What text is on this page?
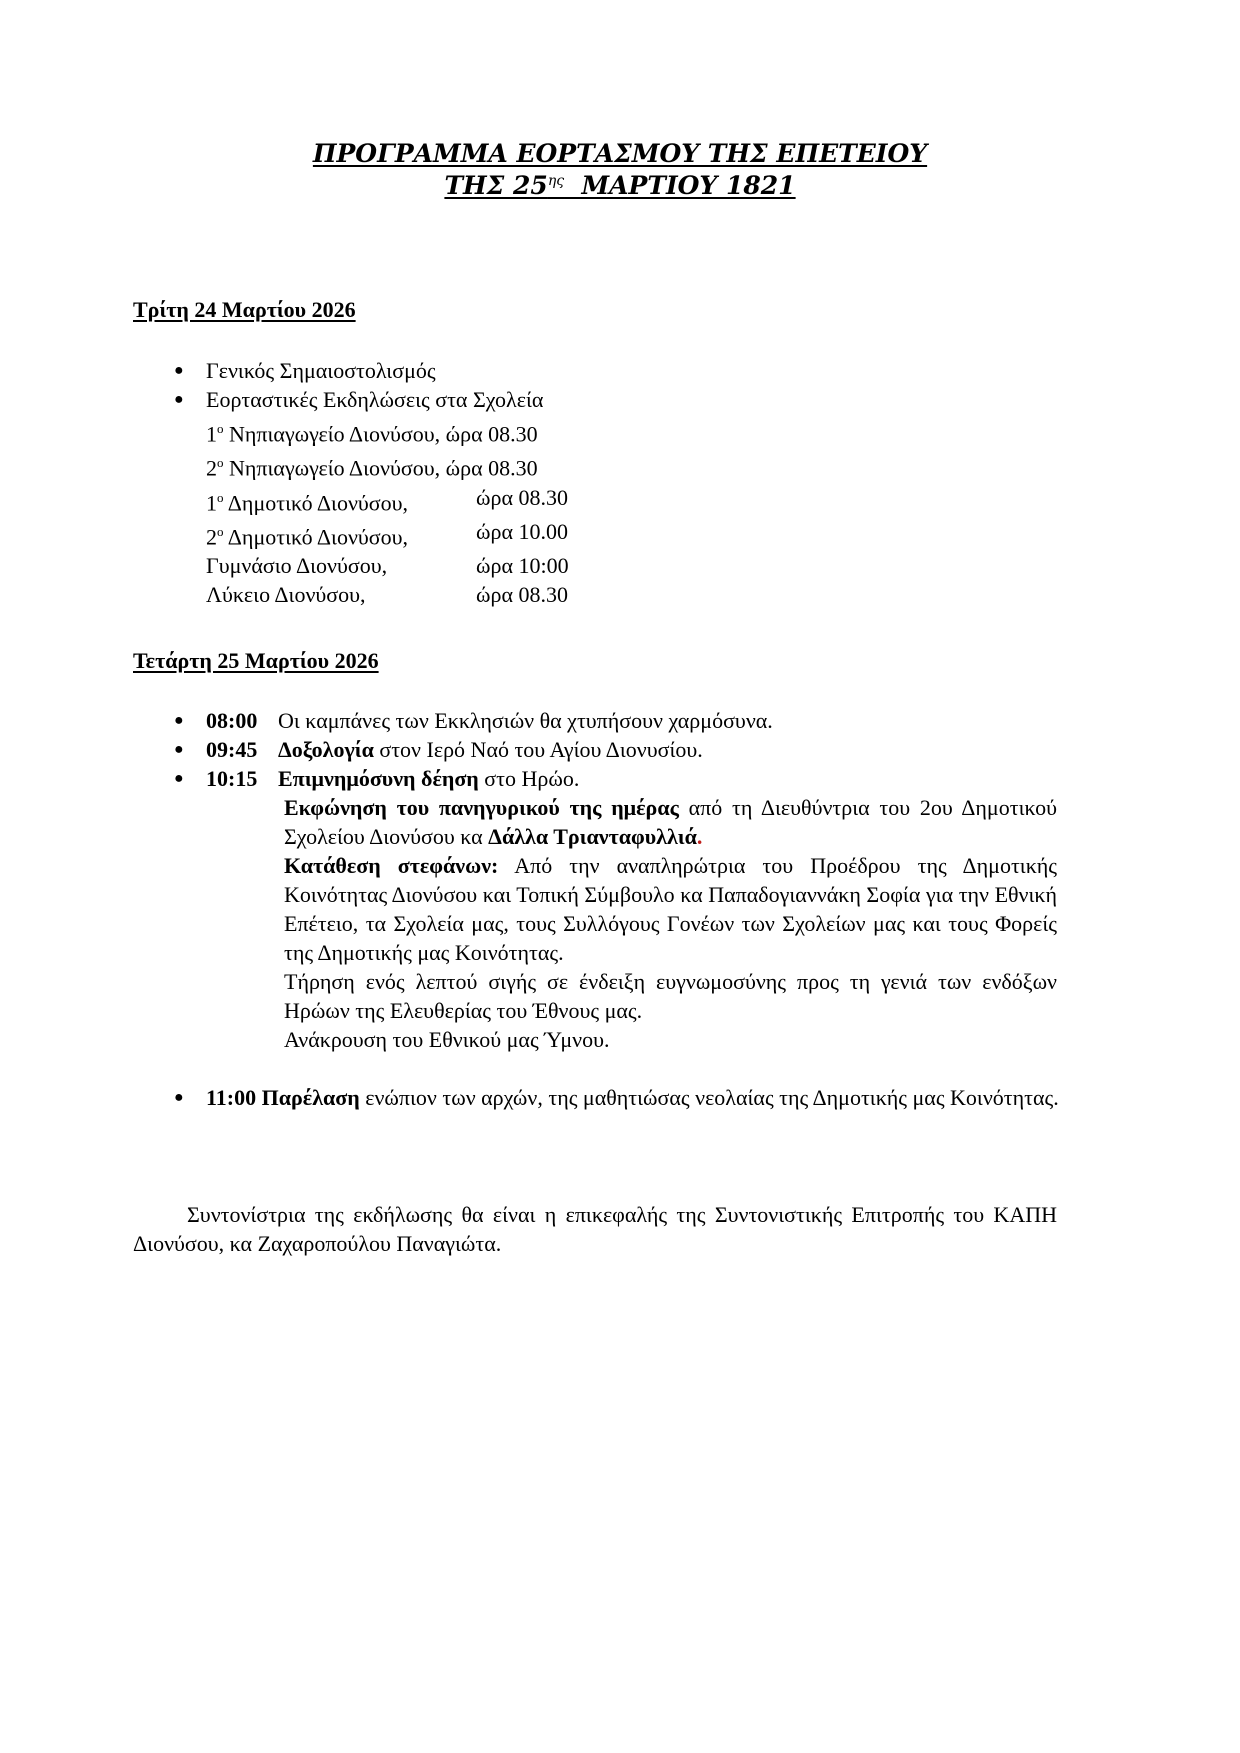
ΠΡΟΓΡΑΜΜΑ ΕΟΡΤΑΣΜΟΥ ΤΗΣ ΕΠΕΤΕΙΟΥ
ΤΗΣ $25^{\eta\varsigma}$  ΜΑΡΤΙΟΥ 1821
Τρίτη 24 Μαρτίου 2026
● Γενικός Σημαιοστολισμός
● Εορταστικές Εκδηλώσεις στα Σχολεία
$1^o$ Νηπιαγωγείο Διονύσου, ώρα 08.30
$2^o$ Νηπιαγωγείο Διονύσου, ώρα 08.30
$1^o$ Δημοτικό Διονύσου,	ώρα 08.30
$2^o$ Δημοτικό Διονύσου,	ώρα 10.00
Γυμνάσιο Διονύσου,	ώρα 10:00
Λύκειο Διονύσου,	ώρα 08.30
Τετάρτη 25 Μαρτίου 2026
● 08:00 Οι καμπάνες των Εκκλησιών θα χτυπήσουν χαρμόσυνα.
● 09:45 Δοξολογία στον Ιερό Ναό του Αγίου Διονυσίου.
● 10:15 Επιμνημόσυνη δέηση στο Ηρώο.

Εκφώνηση του πανηγυρικού της ημέρας από τη Διευθύντρια του 2ου Δημοτικού Σχολείου Διονύσου κα Δάλλα Τριανταφυλλιά.

Κατάθεση στεφάνων: Από την αναπληρώτρια του Προέδρου της Δημοτικής Κοινότητας Διονύσου και Τοπική Σύμβουλο κα Παπαδογιαννάκη Σοφία για την Εθνική Επέτειο, τα Σχολεία μας, τους Συλλόγους Γονέων των Σχολείων μας και τους Φορείς της Δημοτικής μας Κοινότητας.

Τήρηση ενός λεπτού σιγής σε ένδειξη ευγνωμοσύνης προς τη γενιά των ενδόξων Ηρώων της Ελευθερίας του Έθνους μας.

Ανάκρουση του Εθνικού μας Ύμνου.

● 11:00 Παρέλαση ενώπιον των αρχών, της μαθητιώσας νεολαίας της Δημοτικής μας Κοινότητας.

Συντονίστρια της εκδήλωσης θα είναι η επικεφαλής της Συντονιστικής Επιτροπής του ΚΑΠΗ Διονύσου, κα Ζαχαροπούλου Παναγιώτα.
